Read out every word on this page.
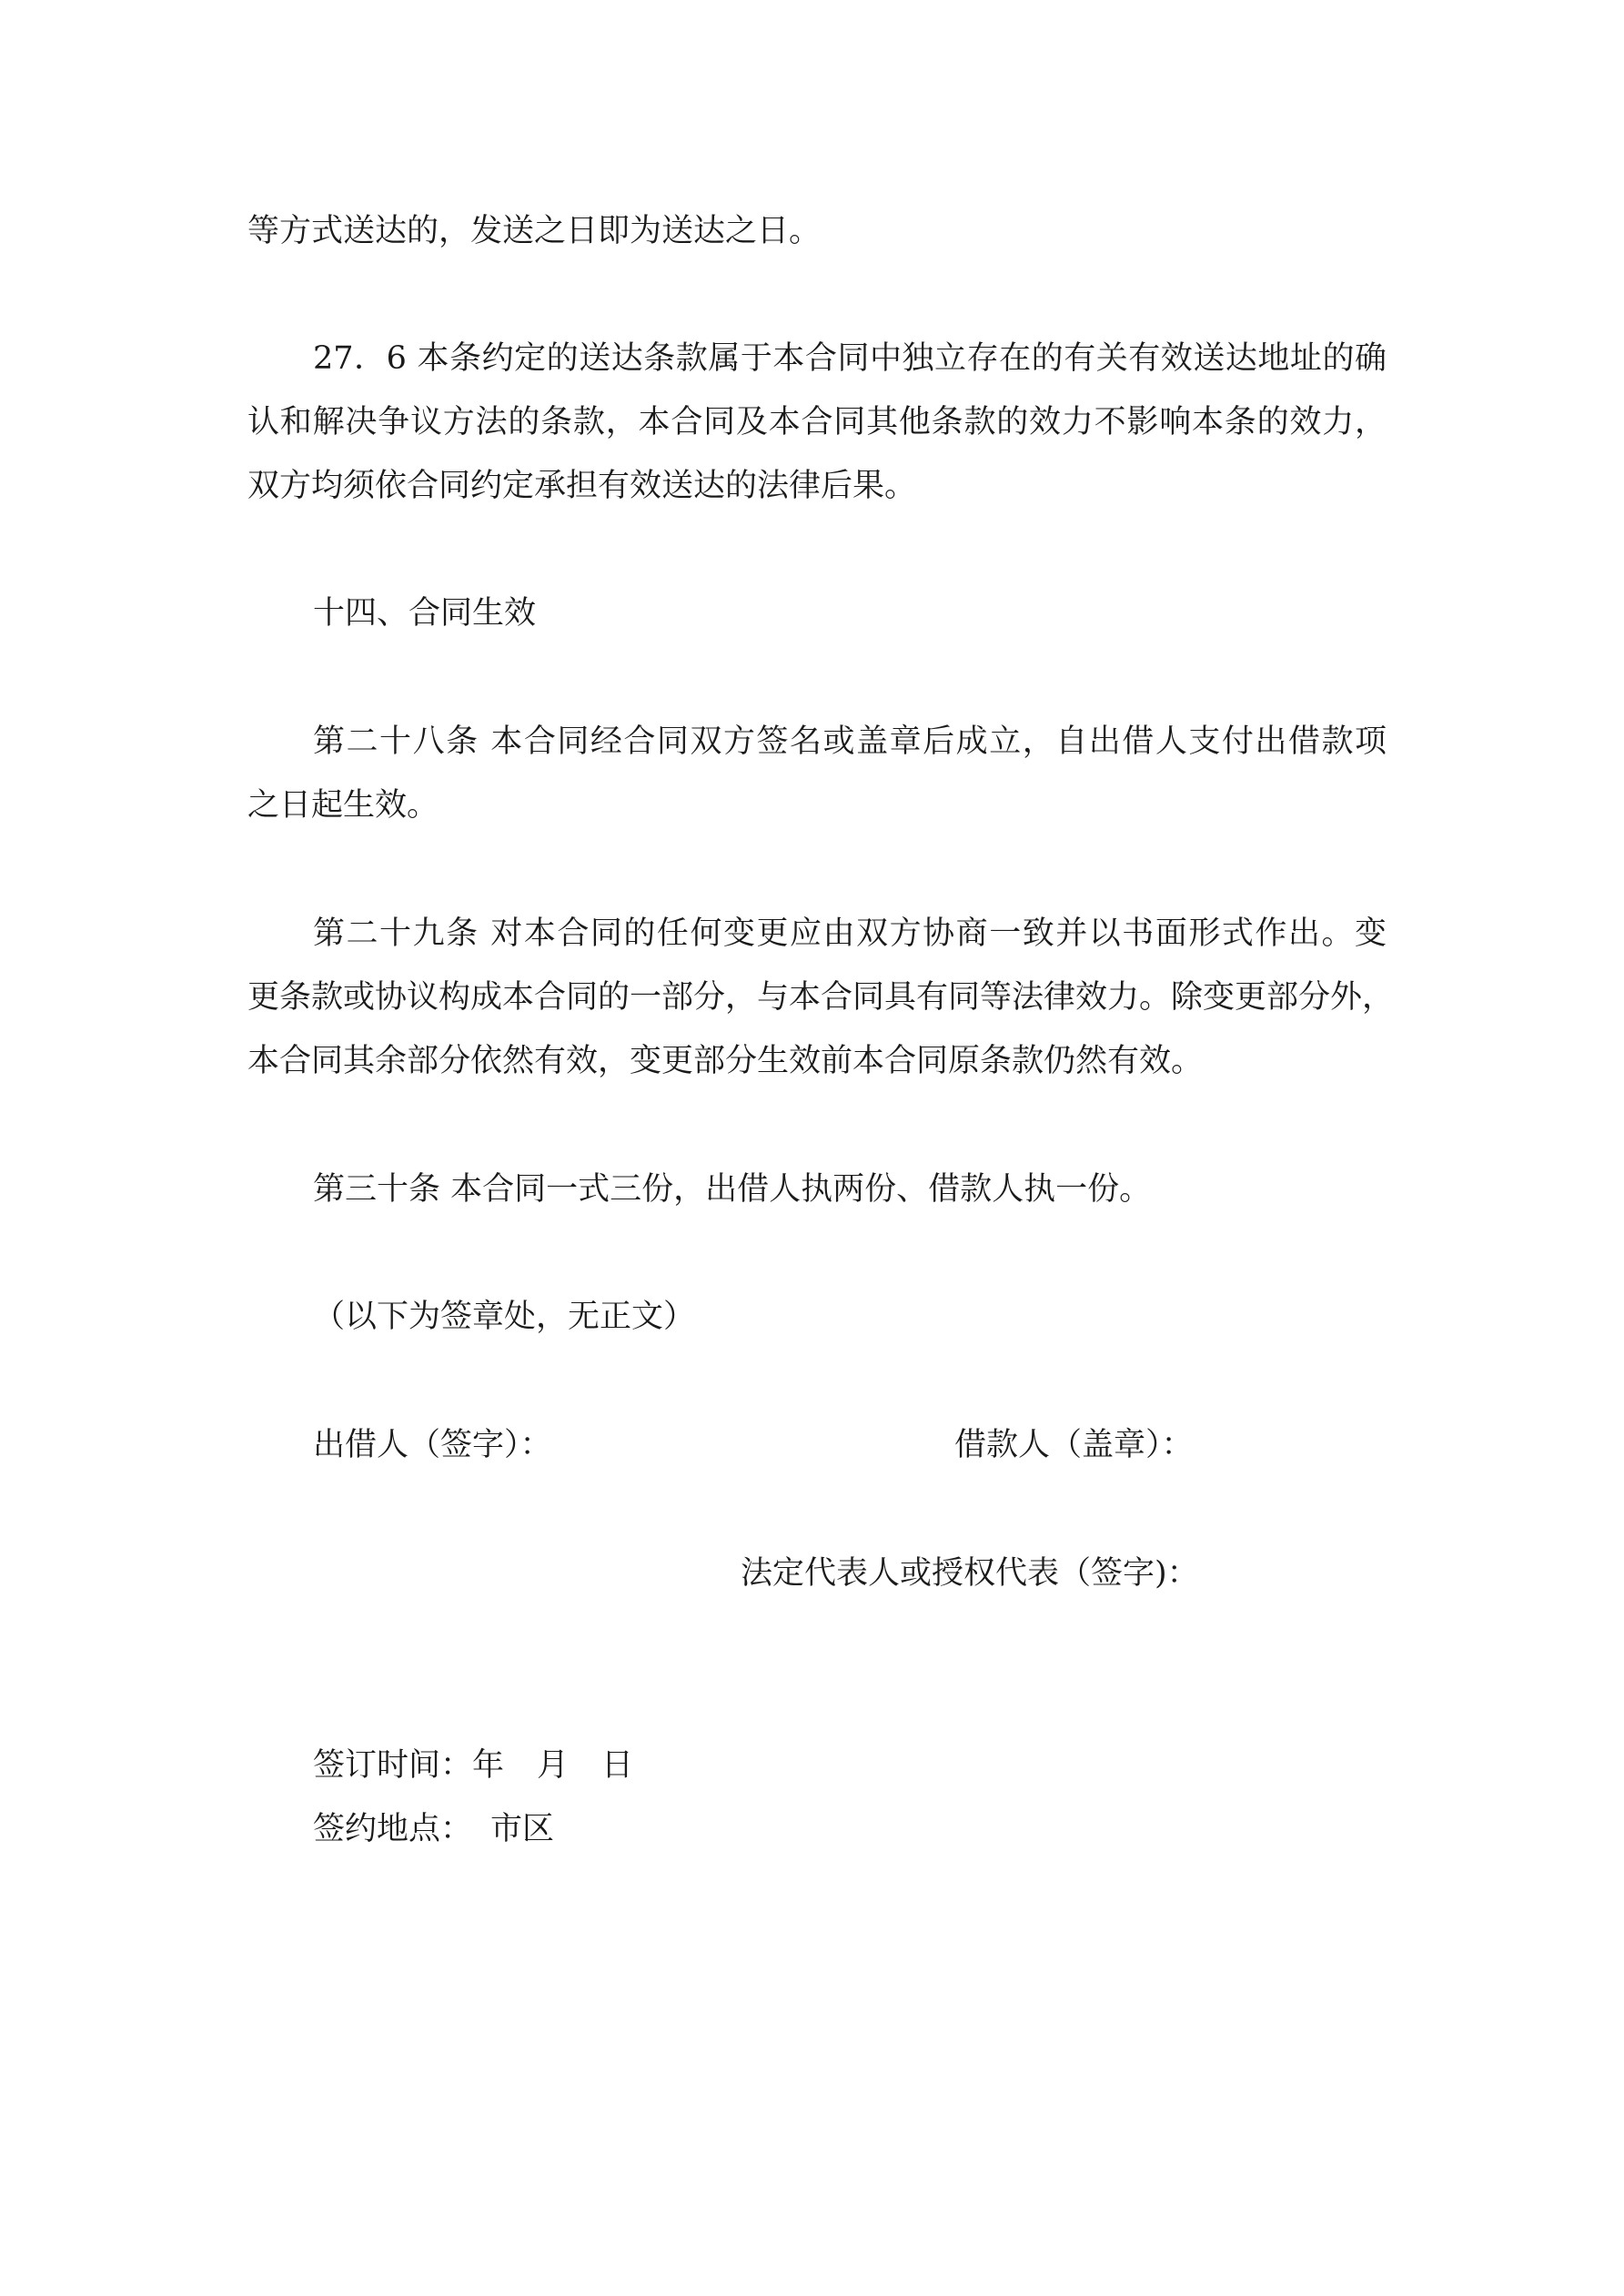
等方式送达的，发送之日即为送达之日。
27．6 本条约定的送达条款属于本合同中独立存在的有关有效送达地址的确
认和解决争议方法的条款，本合同及本合同其他条款的效力不影响本条的效力，
双方均须依合同约定承担有效送达的法律后果。
十四、合同生效
第二十八条 本合同经合同双方签名或盖章后成立，自出借人支付出借款项
之日起生效。
第二十九条 对本合同的任何变更应由双方协商一致并以书面形式作出。变
更条款或协议构成本合同的一部分，与本合同具有同等法律效力。除变更部分外，
本合同其余部分依然有效，变更部分生效前本合同原条款仍然有效。
第三十条 本合同一式三份，出借人执两份、借款人执一份。
（以下为签章处，无正文）
出借人（签字）：	借款人（盖章）：
法定代表人或授权代表（签字)：
签订时间：年 月 日
签约地点： 市区
